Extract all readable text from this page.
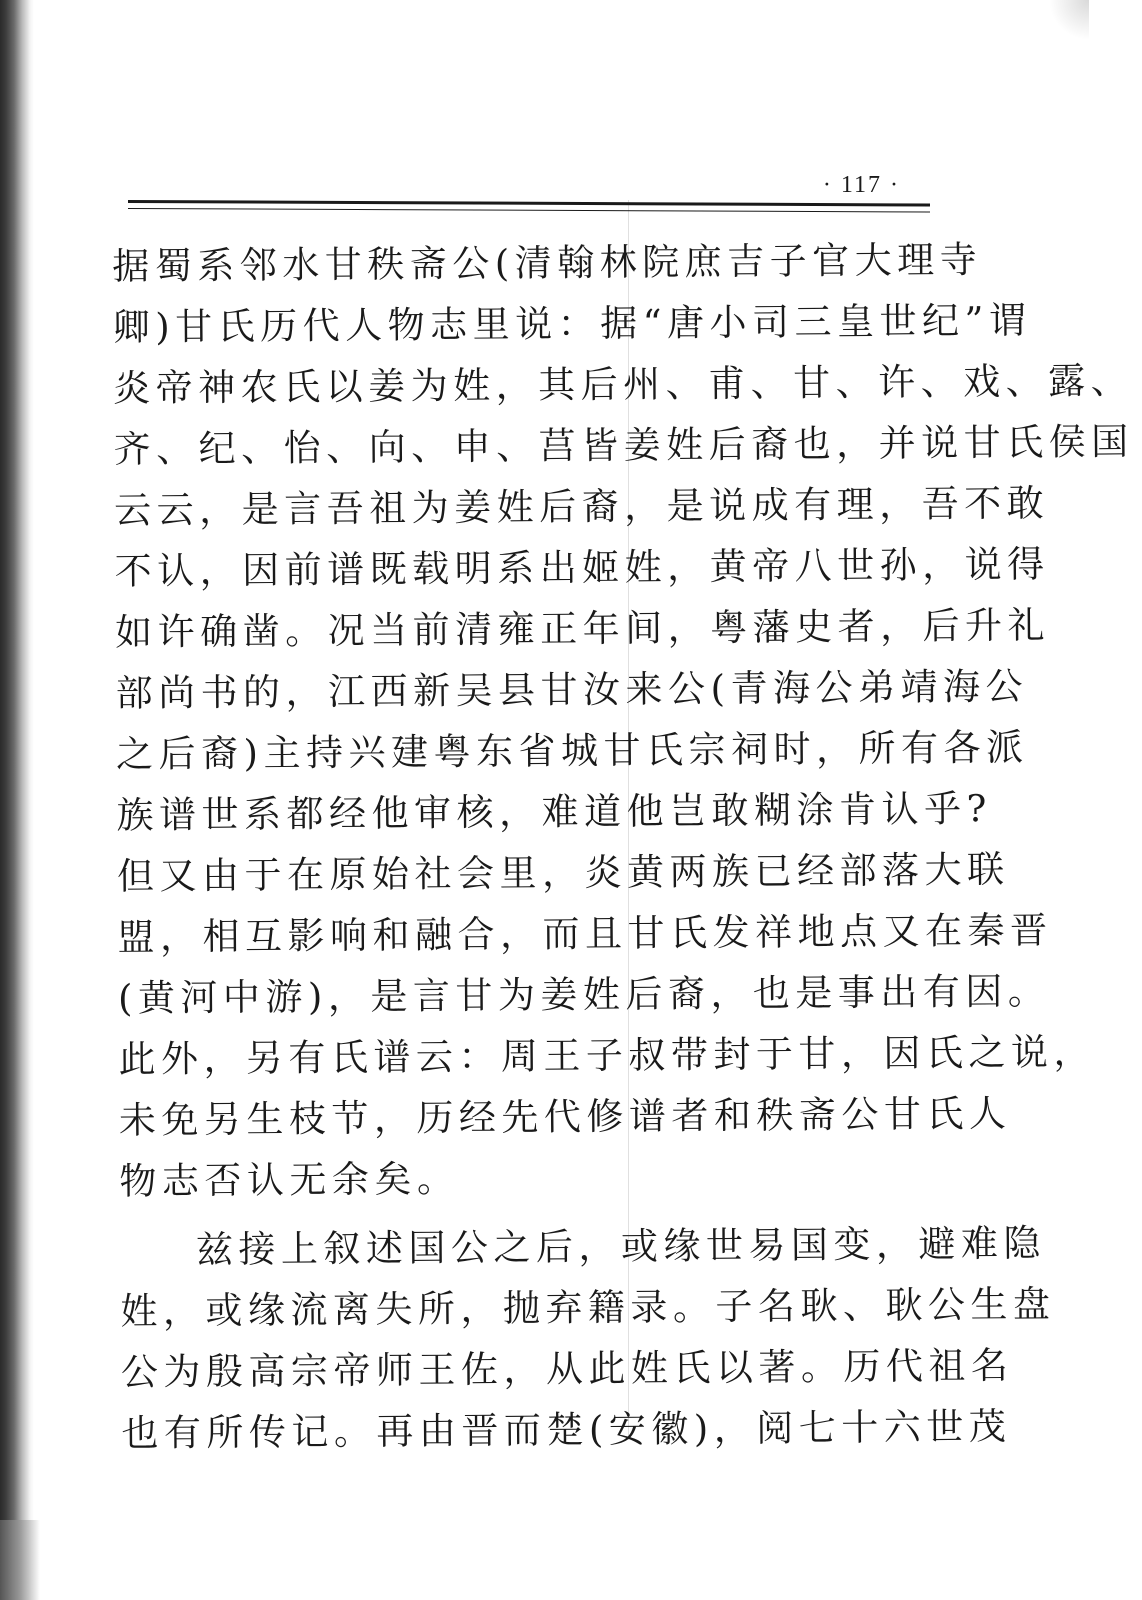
· 117 ·
据蜀系邻水甘秩斋公(清翰林院庶吉子官大理寺
卿)甘氏历代人物志里说：据“唐小司三皇世纪”谓
炎帝神农氏以姜为姓，其后州、甫、甘、许、戏、露、
齐、纪、怡、向、申、莒皆姜姓后裔也，并说甘氏侯国
云云，是言吾祖为姜姓后裔，是说成有理，吾不敢
不认，因前谱既载明系出姬姓，黄帝八世孙，说得
如许确凿。况当前清雍正年间，粤藩史者，后升礼
部尚书的，江西新吴县甘汝来公(青海公弟靖海公
之后裔)主持兴建粤东省城甘氏宗祠时，所有各派
族谱世系都经他审核，难道他岂敢糊涂肯认乎?
但又由于在原始社会里，炎黄两族已经部落大联
盟，相互影响和融合，而且甘氏发祥地点又在秦晋
(黄河中游)，是言甘为姜姓后裔，也是事出有因。
此外，另有氏谱云：周王子叔带封于甘，因氏之说，
未免另生枝节，历经先代修谱者和秩斋公甘氏人
物志否认无余矣。
兹接上叙述国公之后，或缘世易国变，避难隐
姓，或缘流离失所，抛弃籍录。子名耿、耿公生盘
公为殷高宗帝师王佐，从此姓氏以著。历代祖名
也有所传记。再由晋而楚(安徽)，阅七十六世茂
